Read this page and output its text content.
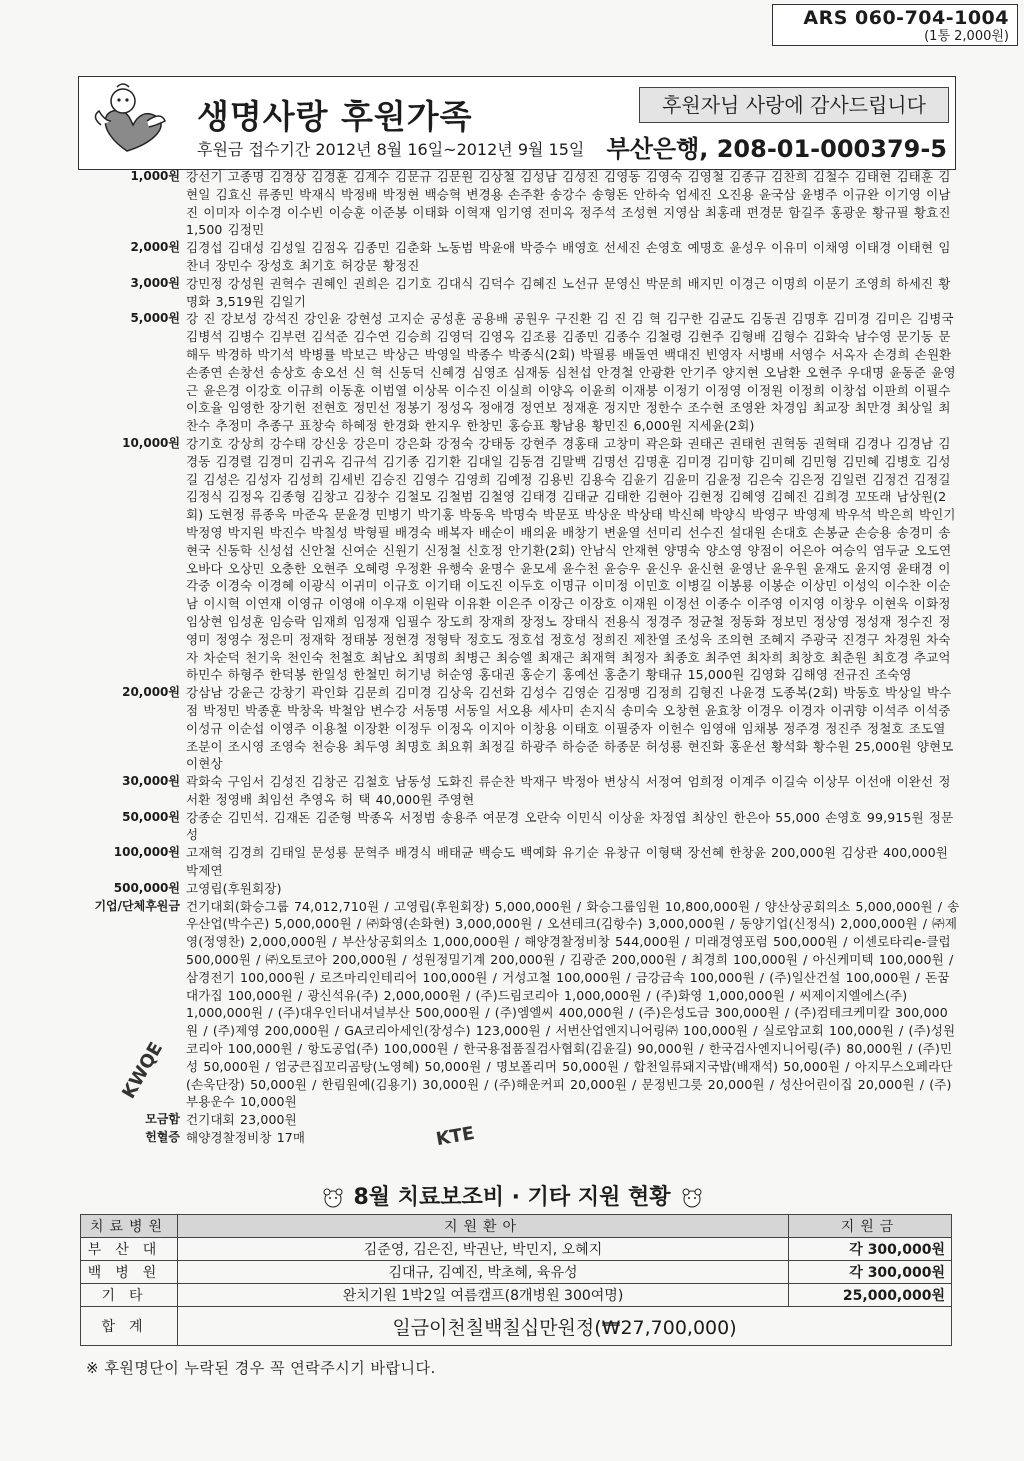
ARS 060-704-1004
(1통 2,000원)
생명사랑 후원가족
후원금 접수기간 2012년 8월 16일~2012년 9월 15일
후원자님 사랑에 감사드립니다
부산은행, 208-01-000379-5
1,000원 강선기 고종명 김경상 김경훈 김계수 김문규 김문원 김상철 김성남 김성진 김영동 김영숙 김영철 김종규 김찬희 김철수 김태현 김태훈 김현일 김효신 류종민 박재식 박정배 박정현 백승혁 변경용 손주환 송강수 송형돈 안하숙 엄세진 오진용 윤국삼 윤병주 이규완 이기영 이남진 이미자 이수경 이수빈 이승훈 이준봉 이태화 이혁재 임기영 전미옥 정주석 조성현 지영삼 최홍래 편경문 함길주 홍광운 황규필 황효진 1,500 김정민
2,000원 김경섭 김대성 김성일 김점옥 김종민 김춘화 노동범 박윤애 박증수 배영호 선세진 손영호 예명호 윤성우 이유미 이채영 이태경 이태현 임찬녀 장민수 장성호 최기호 허강문 황정진
3,000원 강민정 강성원 권혁수 권혜인 권희은 김기호 김대식 김덕수 김혜진 노선규 문영신 박문희 배지민 이경근 이명희 이문기 조영희 하세진 황명화 3,519원 김일기
5,000원 강 진 강보성 강석진 강인윤 강현성 고지순 공성훈 공용배 공원우 구진환 김 진 김 혁 김구한 김균도 김동권 김명후 김미경 김미은 김병국 김병석 김병수 김부련 김석준 김수연 김승희 김영덕 김영옥 김조룡 김종민 김종수 김철령 김현주 김형배 김형수 김화숙 남수영 문기동 문해두 박경하 박기석 박병률 박보근 박상근 박영일 박종수 박종식(2회) 박필룡 배돌연 백대진 빈영자 서병배 서영수 서옥자 손경희 손원환 손종연 손창선 송상호 송오선 신 혁 신동덕 신혜경 심영조 심재동 심천섭 안경철 안광환 안기주 양지현 오남환 오현주 우대명 윤동준 윤영근 윤은경 이강호 이규희 이동훈 이범열 이상목 이수진 이실희 이양옥 이윤희 이재붕 이정기 이정영 이정원 이정희 이창섭 이판희 이필수 이호율 임영한 장기헌 전현호 정민선 정봉기 정성옥 정애경 정연보 정재훈 정지만 정한수 조수현 조영완 차경임 최교장 최만경 최상일 최찬수 추정미 추종구 표창숙 하혜정 한경화 한지우 한창민 홍승표 황남용 황민진 6,000원 지세윤(2회)
10,000원 강기호 강상희 강수태 강신웅 강은미 강은화 강정숙 강태동 강현주 경홍태 고창미 곽은화 권태곤 권태헌 권혁동 권혁태 김경나 김경남 김경동 김경렬 김경미 김귀옥 김규석 김기종 김기환 김대일 김동겸 김말백 김명선 김명훈 김미경 김미향 김미혜 김민형 김민혜 김병호 김성길 김성은 김성자 김성희 김세빈 김승진 김영수 김영희 김예정 김용빈 김용숙 김윤기 김윤미 김윤정 김은숙 김은정 김일련 김정건 김정길 김정식 김정옥 김종형 김창고 김창수 김철모 김철범 김철영 김태경 김태균 김태한 김현아 김현정 김혜영 김혜진 김희경 꼬또래 남상원(2회) 도현정 류종욱 마준옥 문윤경 민병기 박기홍 박동욱 박명숙 박문포 박상운 박상태 박신혜 박양식 박영구 박영제 박우석 박은희 박인기 박정영 박지원 박진수 박칠성 박형필 배경숙 배복자 배순이 배의윤 배창기 변윤열 선미리 선수진 설대원 손대호 손봉균 손승용 송경미 송현국 신동학 신성섭 신안철 신여순 신원기 신정철 신호정 안기환(2회) 안남식 안재현 양명숙 양소영 양점이 어은아 여승익 염두균 오도연 오바다 오상민 오충한 오현주 오혜령 우정환 유행숙 윤명수 윤모세 윤수천 윤승우 윤신우 윤신현 윤영난 윤우원 윤재도 윤지영 윤태경 이각중 이경숙 이경혜 이광식 이귀미 이규호 이기태 이도진 이두호 이명규 이미정 이민호 이병길 이봉룡 이봉순 이상민 이성익 이수찬 이순남 이시혁 이연재 이영규 이영애 이우재 이원락 이유환 이은주 이장근 이장호 이재원 이정선 이종수 이주영 이지영 이창우 이현욱 이화정 임상현 임성훈 임승락 임재희 임정재 임필수 장도희 장재희 장정노 장태식 전용식 정경주 정균철 정동화 정보민 정상영 정성재 정수진 정영미 정영수 정은미 정재학 정태봉 정현경 정형탁 정호도 정호섭 정호성 정희진 제찬열 조성욱 조의현 조혜지 주광국 진경구 차경원 차숙자 차순덕 천기욱 천인숙 천철호 최남오 최명희 최병근 최승엘 최재근 최재혁 최정자 최종호 최주연 최차희 최창호 최춘원 최호경 추교억 하민수 하형주 한덕봉 한일성 한철민 허기녕 허순영 홍대권 홍순기 홍예선 홍춘기 황태규 15,000원 김영화 김해영 전규진 조숙영
20,000원 강삼남 강윤근 강창기 곽인화 김문희 김미경 김상욱 김선화 김성수 김영순 김정맹 김정희 김형진 나윤경 도종복(2회) 박동호 박상일 박수점 박정민 박종훈 박창욱 박철암 변수강 서동명 서동일 서오용 세사미 손지식 송미숙 오창현 윤효창 이경우 이경자 이귀향 이석주 이석중 이성규 이순섭 이영주 이용철 이장환 이정두 이정옥 이지아 이창용 이태호 이필중자 이헌수 임영애 임채봉 정주경 정진주 정철호 조도열 조분이 조시영 조영숙 천승용 최두영 최명호 최요휘 최정길 하광주 하승준 하종문 허성룡 현진화 홍운선 황석화 황수원 25,000원 양현모 이현상
30,000원 곽화숙 구임서 김성진 김창곤 김철호 남동성 도화진 류순찬 박재구 박정아 변상식 서정여 엄희정 이계주 이길숙 이상무 이선애 이완선 정서환 정영배 최임선 추영옥 허 택 40,000원 주영현
50,000원 강종순 김민석. 김재돈 김준형 박종옥 서정범 송용주 여문경 오란숙 이민식 이상윤 차정엽 최상인 한은아 55,000 손영호 99,915원 정문성
100,000원 고재혁 김경희 김태일 문성룡 문혁주 배경식 배태균 백승도 백예화 유기순 유창규 이형택 장선혜 한창윤 200,000원 김상관 400,000원 박제연
500,000원 고영립(후원회장)
기업/단체후원금 건기대회(화승그룹 74,012,710원 / 고영립(후원회장) 5,000,000원 / 화승그룹임원 10,800,000원 / 양산상공회의소 5,000,000원 / 송우산업(박수곤) 5,000,000원 / ㈜화영(손화현) 3,000,000원 / 오션테크(김항수) 3,000,000원 / 동양기업(신정식) 2,000,000원 / ㈜제영(정영찬) 2,000,000원 / 부산상공회의소 1,000,000원 / 해양경찰정비창 544,000원 / 미래경영포럼 500,000원 / 이센로타리e-클럽 500,000원 / ㈜오토코아 200,000원 / 성원정밀기계 200,000원 / 김광준 200,000원 / 최경희 100,000원 / 아신케미텍 100,000원 / 삼경전기 100,000원 / 로즈마리인테리어 100,000원 / 거성고철 100,000원 / 금강금속 100,000원 / (주)일산건설 100,000원 / 돈꿈대가집 100,000원 / 광신석유(주) 2,000,000원 / (주)드림코리아 1,000,000원 / (주)화영 1,000,000원 / 씨제이지엘에스(주) 1,000,000원 / (주)대우인터내셔널부산 500,000원 / (주)엠엘씨 400,000원 / (주)은성도금 300,000원 / (주)컴테크케미칼 300,000원 / (주)제영 200,000원 / GA코리아세인(장성수) 123,000원 / 서번산업엔지니어링㈜ 100,000원 / 실로암교회 100,000원 / (주)성원코리아 100,000원 / 항도공업(주) 100,000원 / 한국용접품질검사협회(김윤길) 90,000원 / 한국검사엔지니어링(주) 80,000원 / (주)민성 50,000원 / 엄궁큰집꼬리곰탕(노영혜) 50,000원 / 명보폴리머 50,000원 / 합천일류돼지국밥(배재석) 50,000원 / 아지무스오페라단(손욱단장) 50,000원 / 한림원예(김용기) 30,000원 / (주)해운커피 20,000원 / 문정빈그릇 20,000원 / 성산어린이집 20,000원 / (주)부용운수 10,000원
모금함 건기대회 23,000원
헌혈증 해양경찰정비창 17매
KWQE
KTE
8월 치료보조비 · 기타 지원 현황
치료병원	지원환아	지원금
부산대	김준영, 김은진, 박권난, 박민지, 오혜지	각 300,000원
백병원	김대규, 김예진, 박초혜, 육유성	각 300,000원
기타	완치기원 1박2일 여름캠프(8개병원 300여명)	25,000,000원
합계	일금이천칠백칠십만원정(₩27,700,000)	
※ 후원명단이 누락된 경우 꼭 연락주시기 바랍니다.
